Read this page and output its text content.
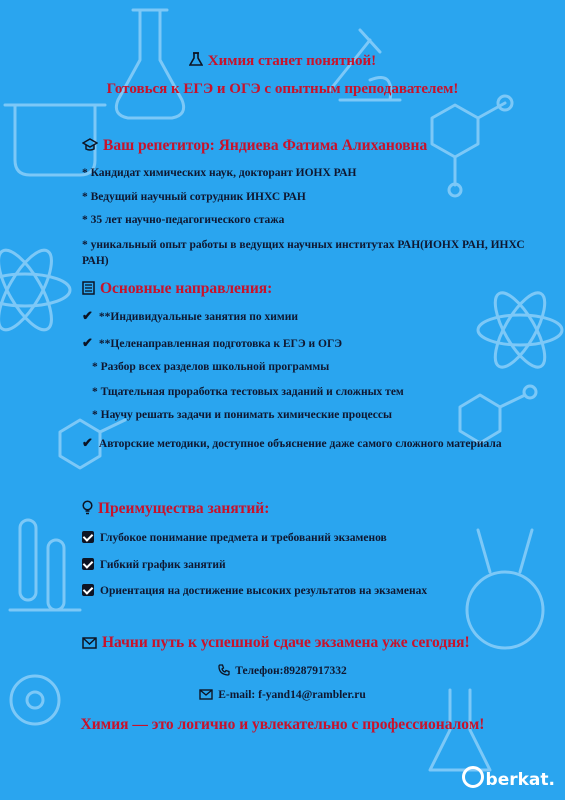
Химия станет понятной!
Готовься к ЕГЭ и ОГЭ с опытным преподавателем!
Ваш репетитор: Яндиева Фатима Алихановна
* Кандидат химических наук, докторант ИОНХ РАН
* Ведущий научный сотрудник ИНХС РАН
* 35 лет научно-педагогического стажа
* уникальный опыт работы в ведущих научных институтах РАН(ИОНХ РАН, ИНХС РАН)
Основные направления:
✔ **Индивидуальные занятия по химии
✔ **Целенаправленная подготовка к ЕГЭ и ОГЭ
* Разбор всех разделов школьной программы
* Тщательная проработка тестовых заданий и сложных тем
* Научу решать задачи и понимать химические процессы
✔ Авторские методики, доступное объяснение даже самого сложного материала
Преимущества занятий:
Глубокое понимание предмета и требований экзаменов
Гибкий график занятий
Ориентация на достижение высоких результатов на экзаменах
Начни путь к успешной сдаче экзамена уже сегодня!
Телефон:89287917332
E-mail: f-yand14@rambler.ru
Химия — это логично и увлекательно с профессионалом!
berkat.
